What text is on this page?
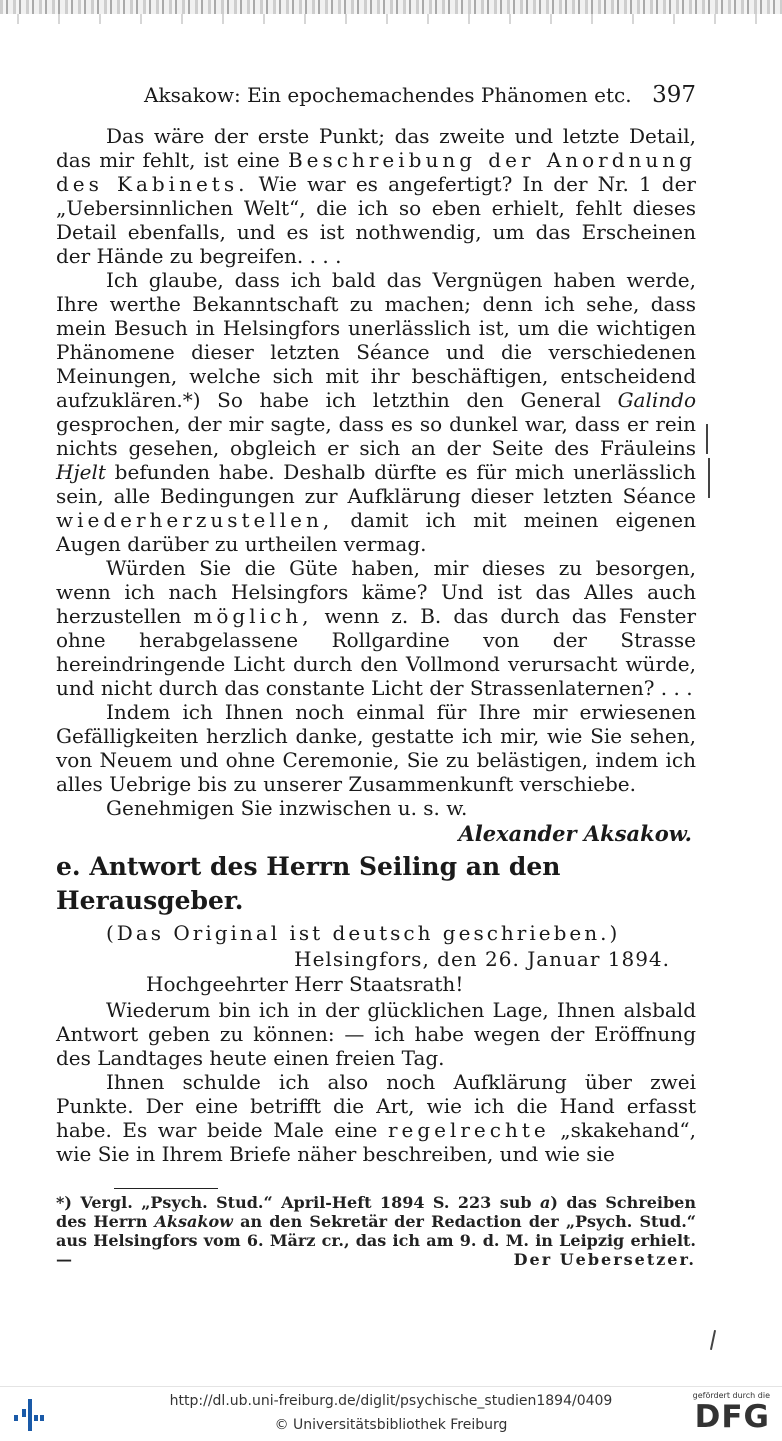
Aksakow: Ein epochemachendes Phänomen etc. 397

Das wäre der erste Punkt; das zweite und letzte Detail, das mir fehlt, ist eine Beschreibung der Anordnung des Kabinets. Wie war es angefertigt? In der Nr. 1 der „Uebersinnlichen Welt“, die ich so eben erhielt, fehlt dieses Detail ebenfalls, und es ist nothwendig, um das Erscheinen der Hände zu begreifen. . . .

Ich glaube, dass ich bald das Vergnügen haben werde, Ihre werthe Bekanntschaft zu machen; denn ich sehe, dass mein Besuch in Helsingfors unerlässlich ist, um die wichtigen Phänomene dieser letzten Séance und die verschiedenen Meinungen, welche sich mit ihr beschäftigen, entscheidend aufzuklären.*) So habe ich letzthin den General Galindo gesprochen, der mir sagte, dass es so dunkel war, dass er rein nichts gesehen, obgleich er sich an der Seite des Fräuleins Hjelt befunden habe. Deshalb dürfte es für mich unerlässlich sein, alle Bedingungen zur Aufklärung dieser letzten Séance wiederherzustellen, damit ich mit meinen eigenen Augen darüber zu urtheilen vermag.

Würden Sie die Güte haben, mir dieses zu besorgen, wenn ich nach Helsingfors käme? Und ist das Alles auch herzustellen möglich, wenn z. B. das durch das Fenster ohne herabgelassene Rollgardine von der Strasse hereindringende Licht durch den Vollmond verursacht würde, und nicht durch das constante Licht der Strassenlaternen? . . .

Indem ich Ihnen noch einmal für Ihre mir erwiesenen Gefälligkeiten herzlich danke, gestatte ich mir, wie Sie sehen, von Neuem und ohne Ceremonie, Sie zu belästigen, indem ich alles Uebrige bis zu unserer Zusammenkunft verschiebe.

Genehmigen Sie inzwischen u. s. w.

Alexander Aksakow.
e. Antwort des Herrn Seiling an den Herausgeber.
(Das Original ist deutsch geschrieben.)
Helsingfors, den 26. Januar 1894.
Hochgeehrter Herr Staatsrath!

Wiederum bin ich in der glücklichen Lage, Ihnen alsbald Antwort geben zu können: — ich habe wegen der Eröffnung des Landtages heute einen freien Tag.

Ihnen schulde ich also noch Aufklärung über zwei Punkte. Der eine betrifft die Art, wie ich die Hand erfasst habe. Es war beide Male eine regelrechte „skakehand“, wie Sie in Ihrem Briefe näher beschreiben, und wie sie

*) Vergl. „Psych. Stud.“ April-Heft 1894 S. 223 sub a) das Schreiben des Herrn Aksakow an den Sekretär der Redaction der „Psych. Stud.“ aus Helsingfors vom 6. März cr., das ich am 9. d. M. in Leipzig erhielt. —	Der Uebersetzer.
http://dl.ub.uni-freiburg.de/diglit/psychische_studien1894/0409
© Universitätsbibliothek Freiburg
gefördert durch die
DFG
